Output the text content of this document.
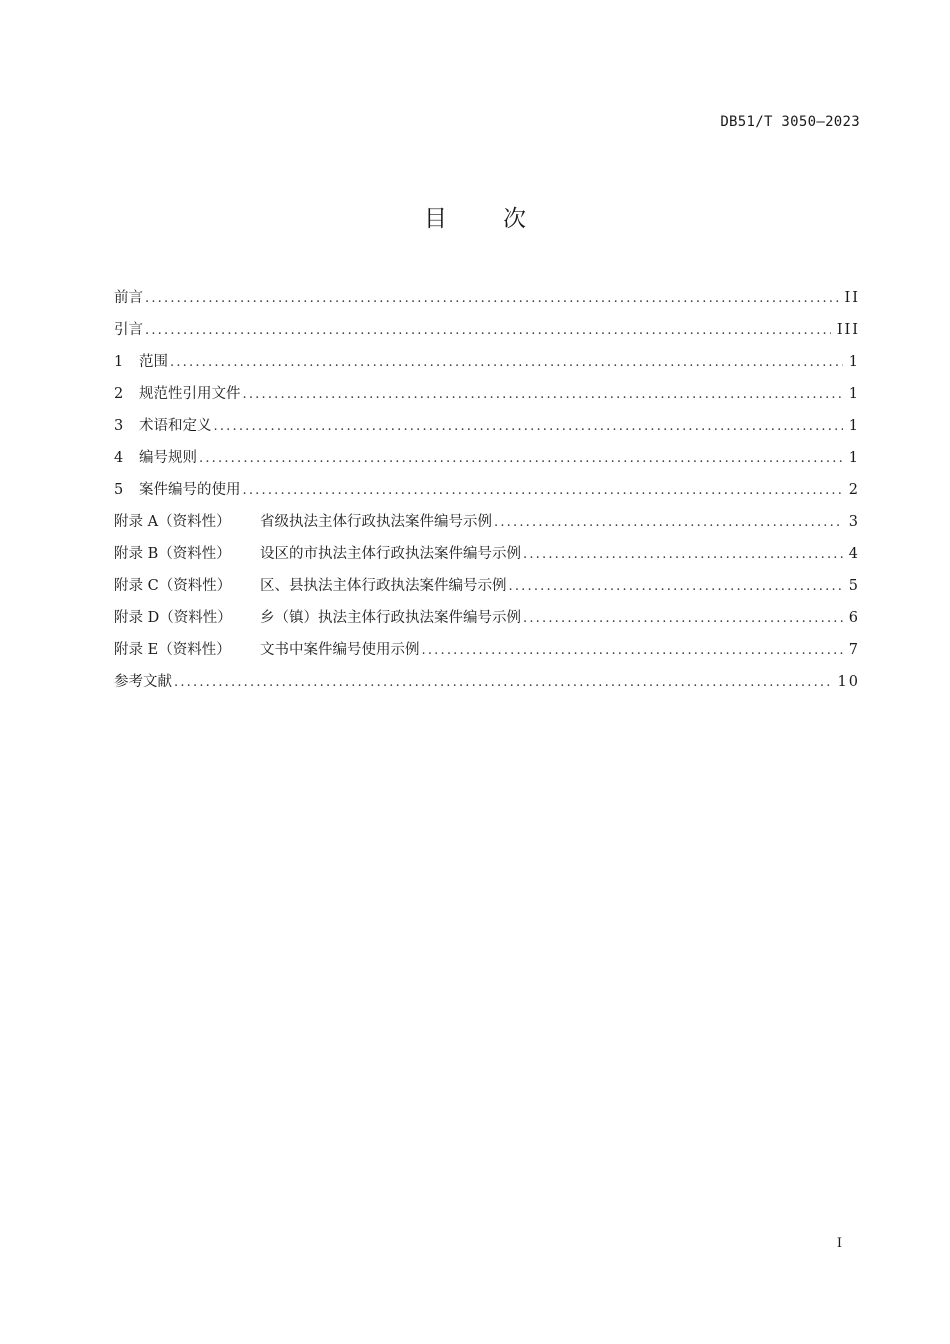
DB51/T 3050—2023
目次
前言 .....	II
引言 .....	III
1	范围 .....	1
2	规范性引用文件 .....	1
3	术语和定义 .....	1
4	编号规则 .....	1
5	案件编号的使用 .....	2
附录 A（资料性）	省级执法主体行政执法案件编号示例 .....	3
附录 B（资料性）	设区的市执法主体行政执法案件编号示例 .....	4
附录 C（资料性）	区、县执法主体行政执法案件编号示例 .....	5
附录 D（资料性）	乡（镇）执法主体行政执法案件编号示例 .....	6
附录 E（资料性）	文书中案件编号使用示例 .....	7
参考文献 .....	10
I
